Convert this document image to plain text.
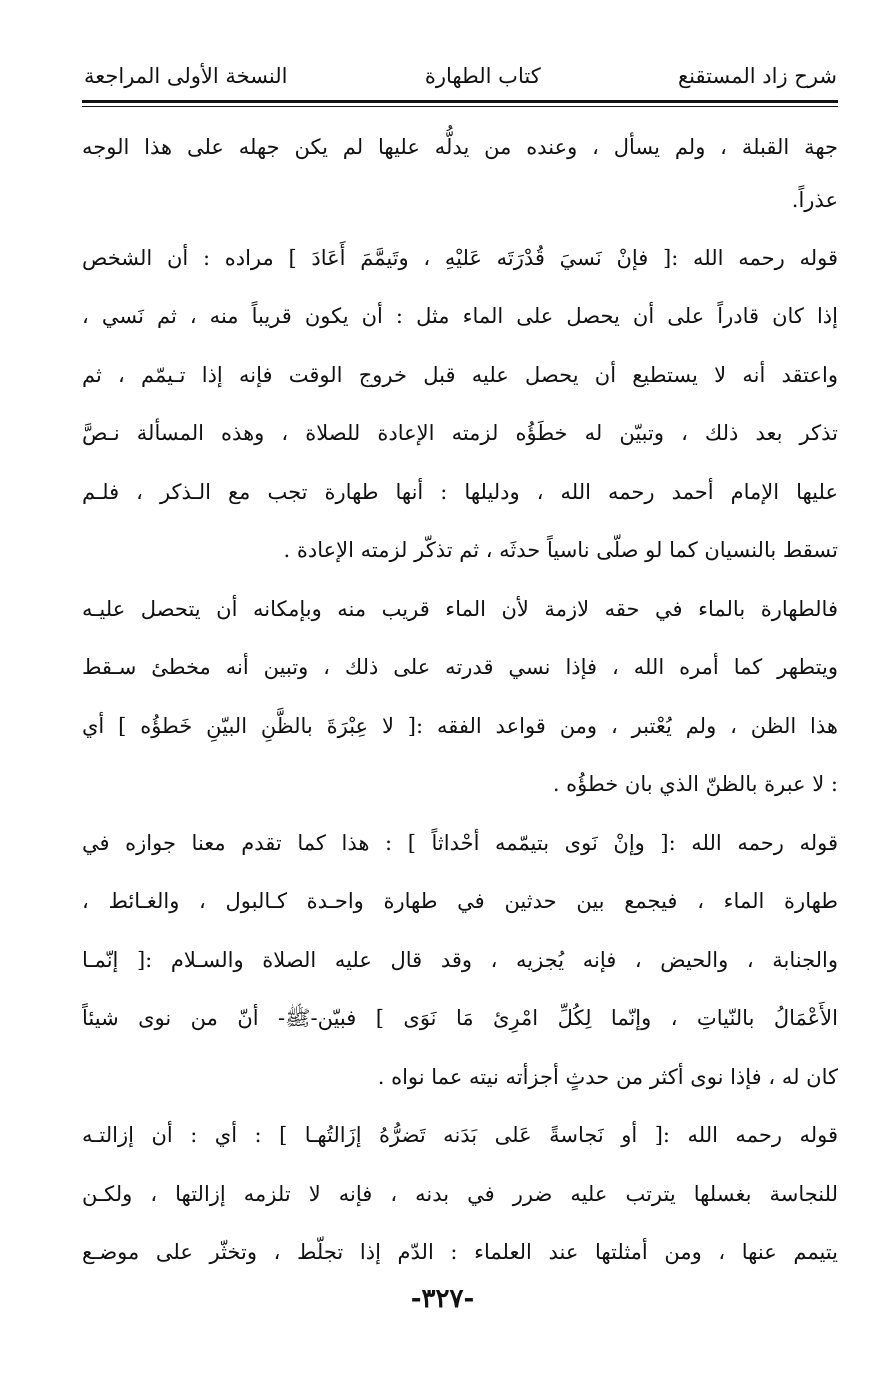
شرح زاد المستقنع
كتاب الطهارة
النسخة الأولى المراجعة
جهة القبلة ، ولم يسأل ، وعنده من يدلُّه عليها لم يكن جهله على هذا الوجه
عذراً.
قوله رحمه الله :[ فإنْ نَسيَ قُدْرَتَه عَليْهِ ، وتَيمَّمَ أَعَادَ ] مراده : أن الشخص
إذا كان قادراً على أن يحصل على الماء مثل : أن يكون قريباً منه ، ثم نَسي ،
واعتقد أنه لا يستطيع أن يحصل عليه قبل خروج الوقت فإنه إذا تـيمّم ، ثم
تذكر بعد ذلك ، وتبيّن له خطَؤُه لزمته الإعادة للصلاة ، وهذه المسألة نـصَّ
عليها الإمام أحمد رحمه الله ، ودليلها : أنها طهارة تجب مع الـذكر ، فلـم
تسقط بالنسيان كما لو صلّى ناسياً حدثَه ، ثم تذكّر لزمته الإعادة .
فالطهارة بالماء في حقه لازمة لأن الماء قريب منه وبإمكانه أن يتحصل عليـه
ويتطهر كما أمره الله ، فإذا نسي قدرته على ذلك ، وتبين أنه مخطئ سـقط
هذا الظن ، ولم يُعْتبر ، ومن قواعد الفقه :[ لا عِبْرَةَ بالظَّنِ البيّنِ خَطؤُه ] أي
: لا عبرة بالظنّ الذي بان خطؤُه .
قوله رحمه الله :[ وإنْ نَوى بتيمّمه أحْداثاً ] : هذا كما تقدم معنا جوازه في
طهارة الماء ، فيجمع بين حدثين في طهارة واحـدة كـالبول ، والغـائط ،
والجنابة ، والحيض ، فإنه يُجزيه ، وقد قال عليه الصلاة والسـلام :[ إنّمـا
الأَعْمَالُ بالنّياتِ ، وإنّما لِكُلِّ امْرِئ مَا نَوَى ] فبيّن-ﷺ- أنّ من نوى شيئاً
كان له ، فإذا نوى أكثر من حدثٍ أجزأته نيته عما نواه .
قوله رحمه الله :[ أو نَجاسةً عَلى بَدَنه تَضرُّهُ إزَالتُهـا ] : أي : أن إزالتـه
للنجاسة بغسلها يترتب عليه ضرر في بدنه ، فإنه لا تلزمه إزالتها ، ولكـن
يتيمم عنها ، ومن أمثلتها عند العلماء : الدّم إذا تجلّط ، وتخثّر على موضـع
-٣٢٧-
